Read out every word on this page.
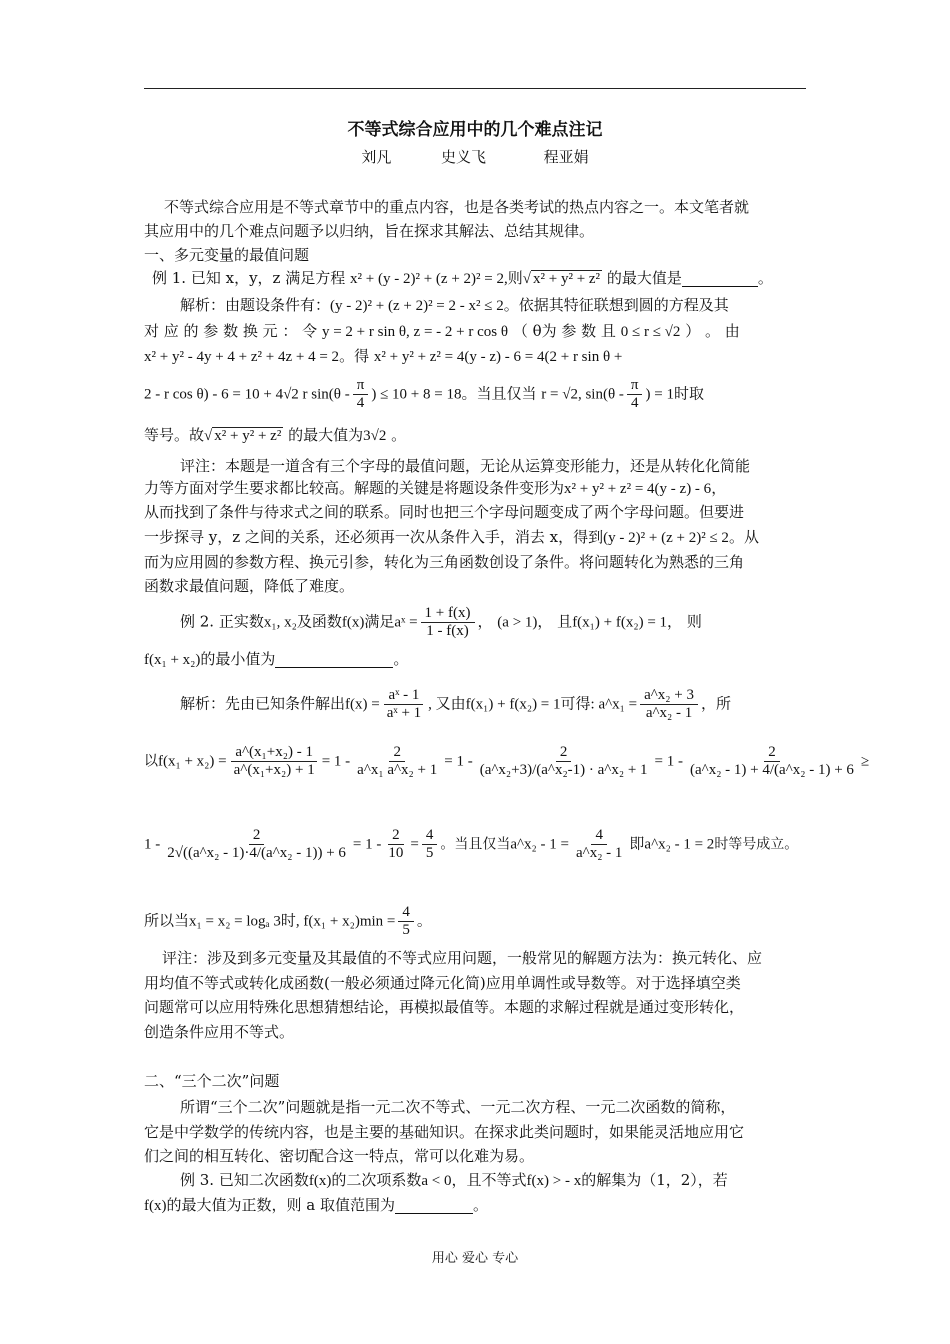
不等式综合应用中的几个难点注记
刘凡	史义飞	程亚娟
不等式综合应用是不等式章节中的重点内容，也是各类考试的热点内容之一。本文笔者就
其应用中的几个难点问题予以归纳，旨在探求其解法、总结其规律。
一、多元变量的最值问题
例 1. 已知 x，y，z 满足方程 x² + (y - 2)² + (z + 2)² = 2,则√ x² + y² + z² 的最大值是	。
解析：由题设条件有：(y - 2)² + (z + 2)² = 2 - x² ≤ 2。依据其特征联想到圆的方程及其
对 应 的 参 数 换 元 ： 令 y = 2 + r sin θ, z = - 2 + r cos θ （ θ为 参 数 且 0 ≤ r ≤ √2 ） 。 由
x² + y² - 4y + 4 + z² + 4z + 4 = 2。得 x² + y² + z² = 4(y - z) - 6 = 4(2 + r sin θ +
2 - r cos θ) - 6 = 10 + 4√2 r $\sin(\theta - \frac{\pi}{4}$ ) ≤ 10 + 8 = 18。当且仅当 r = √2, $\sin(\theta - \frac{\pi}{4}$ ) = 1时取
等号。故√ x² + y² + z² 的最大值为3√2 。
评注：本题是一道含有三个字母的最值问题，无论从运算变形能力，还是从转化化简能
力等方面对学生要求都比较高。解题的关键是将题设条件变形为x² + y² + z² = 4(y - z) - 6，
从而找到了条件与待求式之间的联系。同时也把三个字母问题变成了两个字母问题。但要进
一步探寻 y，z 之间的关系，还必须再一次从条件入手，消去 x，得到(y - 2)² + (z + 2)² ≤ 2。从
而为应用圆的参数方程、换元引参，转化为三角函数创设了条件。将问题转化为熟悉的三角
函数求最值问题，降低了难度。
例 2. 正实数x₁, x₂及函数f(x)满足aˣ = $\frac{1 + f(x)}{1 - f(x)}$ ， (a > 1)， 且f(x₁) + f(x₂) = 1， 则
f(x₁ + x₂)的最小值为	。
解析：先由已知条件解出$f(x) = \frac{\text{aˣ - 1}}{\text{aˣ + 1}}$ , 又由f(x₁) + f(x₂) = 1可得: a^x₁ = $\frac{\text{a\textasciicircum{}x₂ + 3}}{\text{a\textasciicircum{}x₂ - 1}}$ ，所
以$f(x_1 + x_2) = \frac{\text{a\textasciicircum{}(x₁+x₂) - 1}}{\text{a\textasciicircum{}(x₁+x₂) + 1}} = 1 - \frac{2}{\text{a\textasciicircum{}x₁ a\textasciicircum{}x₂ + 1}} = 1 - \frac{2}{\text{(a\textasciicircum{}x₂+3)/(a\textasciicircum{}x₂-1) · a\textasciicircum{}x₂ + 1}} = 1 - \frac{2}{\text{(a\textasciicircum{}x₂ - 1) + 4/(a\textasciicircum{}x₂ - 1) + 6}}$ ≥
$1 - \frac{2}{\text{2√((a\textasciicircum{}x₂ - 1)·4/(a\textasciicircum{}x₂ - 1)) + 6}} = 1 - \frac{2}{10} = \frac{4}{5}$ 。当且仅当a^x₂ - $1 = \frac{4}{\text{a\textasciicircum{}x₂ - 1}}$ 即a^x₂ - 1 = 2时等号成立。
所以当x₁ = x₂ = logₐ 3时, $f(x_1 + x_2)\min = \frac{4}{5}$ 。
评注：涉及到多元变量及其最值的不等式应用问题，一般常见的解题方法为：换元转化、应
用均值不等式或转化成函数(一般必须通过降元化简)应用单调性或导数等。对于选择填空类
问题常可以应用特殊化思想猜想结论，再模拟最值等。本题的求解过程就是通过变形转化，
创造条件应用不等式。
二、“三个二次”问题
所谓“三个二次”问题就是指一元二次不等式、一元二次方程、一元二次函数的简称，
它是中学数学的传统内容，也是主要的基础知识。在探求此类问题时，如果能灵活地应用它
们之间的相互转化、密切配合这一特点，常可以化难为易。
例 3. 已知二次函数f(x)的二次项系数a < 0，且不等式f(x) > - x的解集为（1，2），若
f(x)的最大值为正数，则 a 取值范围为	。
用心 爱心 专心
